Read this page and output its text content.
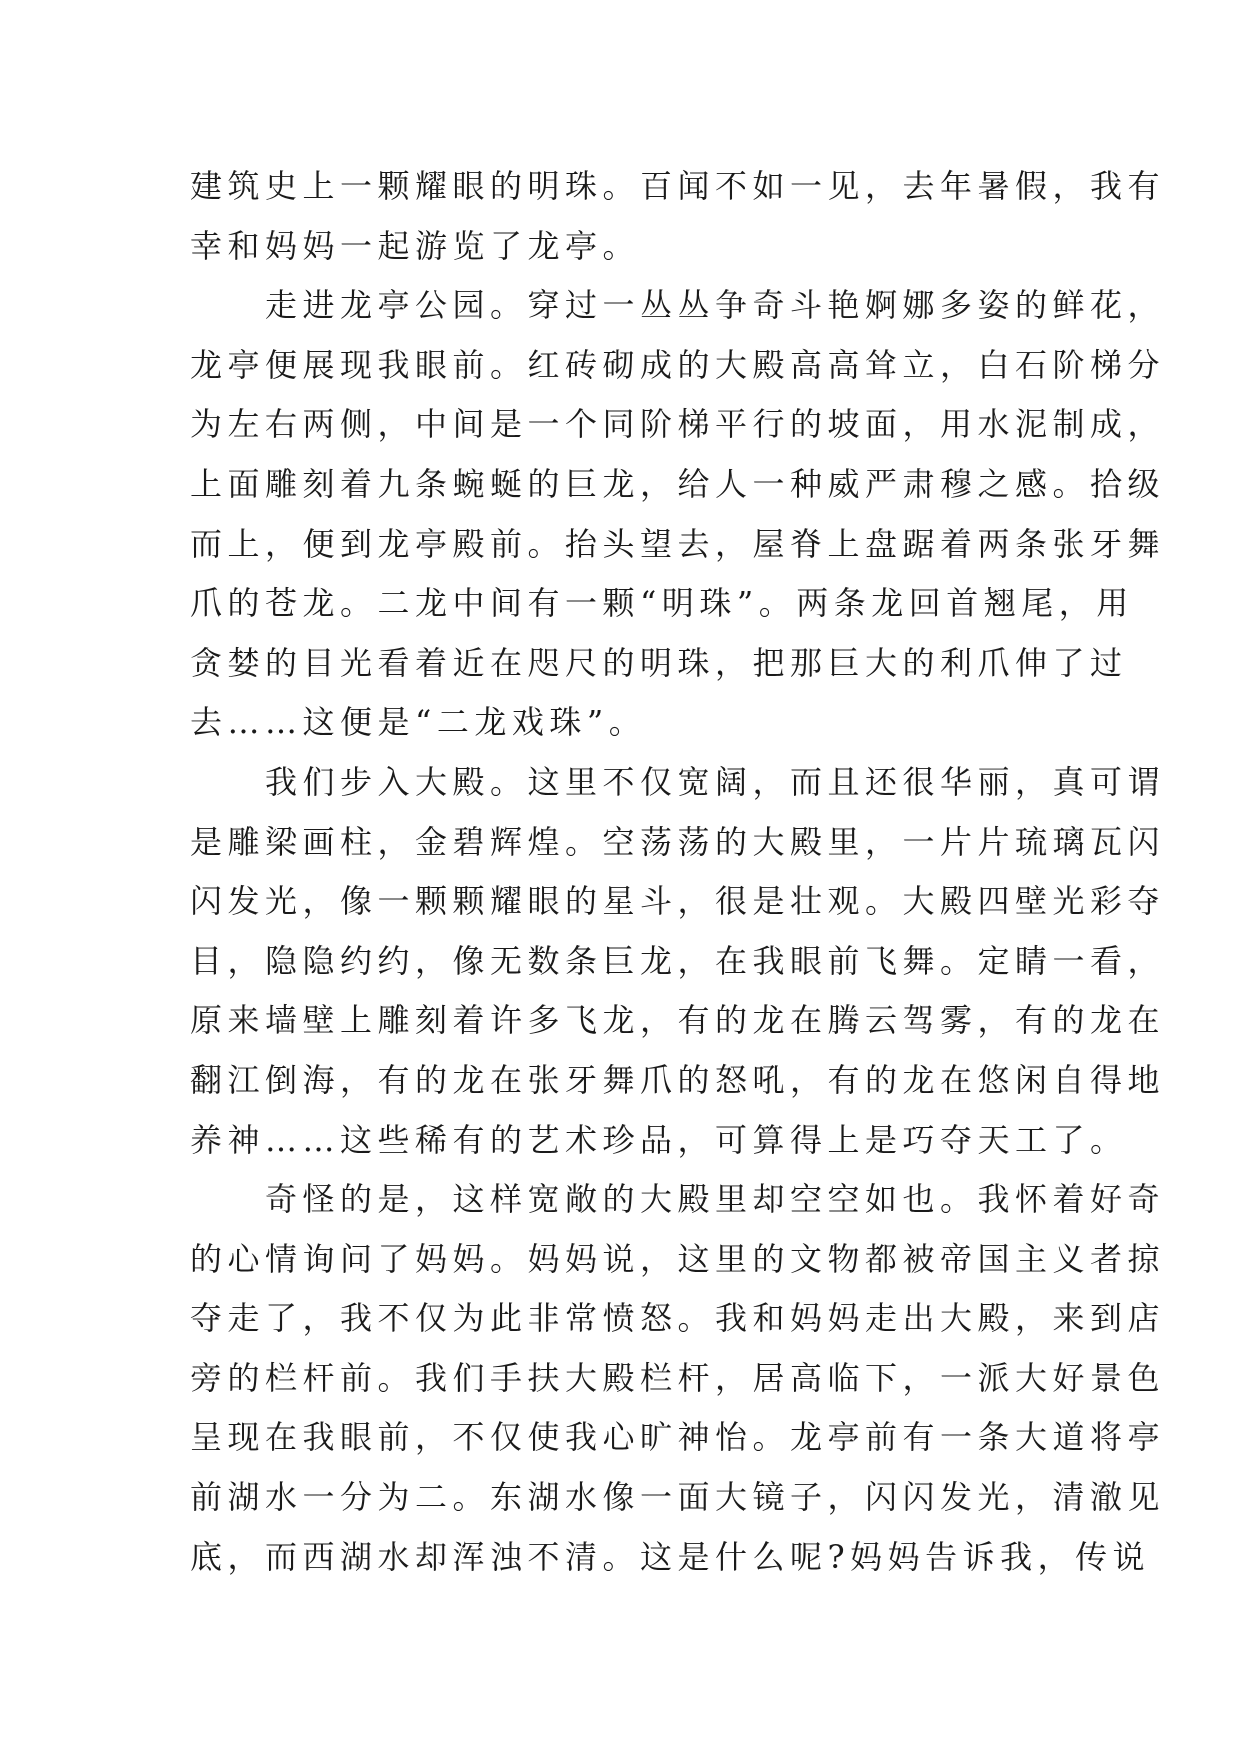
建筑史上一颗耀眼的明珠。百闻不如一见，去年暑假，我有
幸和妈妈一起游览了龙亭。
　　走进龙亭公园。穿过一丛丛争奇斗艳婀娜多姿的鲜花，
龙亭便展现我眼前。红砖砌成的大殿高高耸立，白石阶梯分
为左右两侧，中间是一个同阶梯平行的坡面，用水泥制成，
上面雕刻着九条蜿蜒的巨龙，给人一种威严肃穆之感。拾级
而上，便到龙亭殿前。抬头望去，屋脊上盘踞着两条张牙舞
爪的苍龙。二龙中间有一颗“明珠”。两条龙回首翘尾，用
贪婪的目光看着近在咫尺的明珠，把那巨大的利爪伸了过
去……这便是“二龙戏珠”。
　　我们步入大殿。这里不仅宽阔，而且还很华丽，真可谓
是雕梁画柱，金碧辉煌。空荡荡的大殿里，一片片琉璃瓦闪
闪发光，像一颗颗耀眼的星斗，很是壮观。大殿四壁光彩夺
目，隐隐约约，像无数条巨龙，在我眼前飞舞。定睛一看，
原来墙壁上雕刻着许多飞龙，有的龙在腾云驾雾，有的龙在
翻江倒海，有的龙在张牙舞爪的怒吼，有的龙在悠闲自得地
养神……这些稀有的艺术珍品，可算得上是巧夺天工了。
　　奇怪的是，这样宽敞的大殿里却空空如也。我怀着好奇
的心情询问了妈妈。妈妈说，这里的文物都被帝国主义者掠
夺走了，我不仅为此非常愤怒。我和妈妈走出大殿，来到店
旁的栏杆前。我们手扶大殿栏杆，居高临下，一派大好景色
呈现在我眼前，不仅使我心旷神怡。龙亭前有一条大道将亭
前湖水一分为二。东湖水像一面大镜子，闪闪发光，清澈见
底，而西湖水却浑浊不清。这是什么呢?妈妈告诉我，传说
